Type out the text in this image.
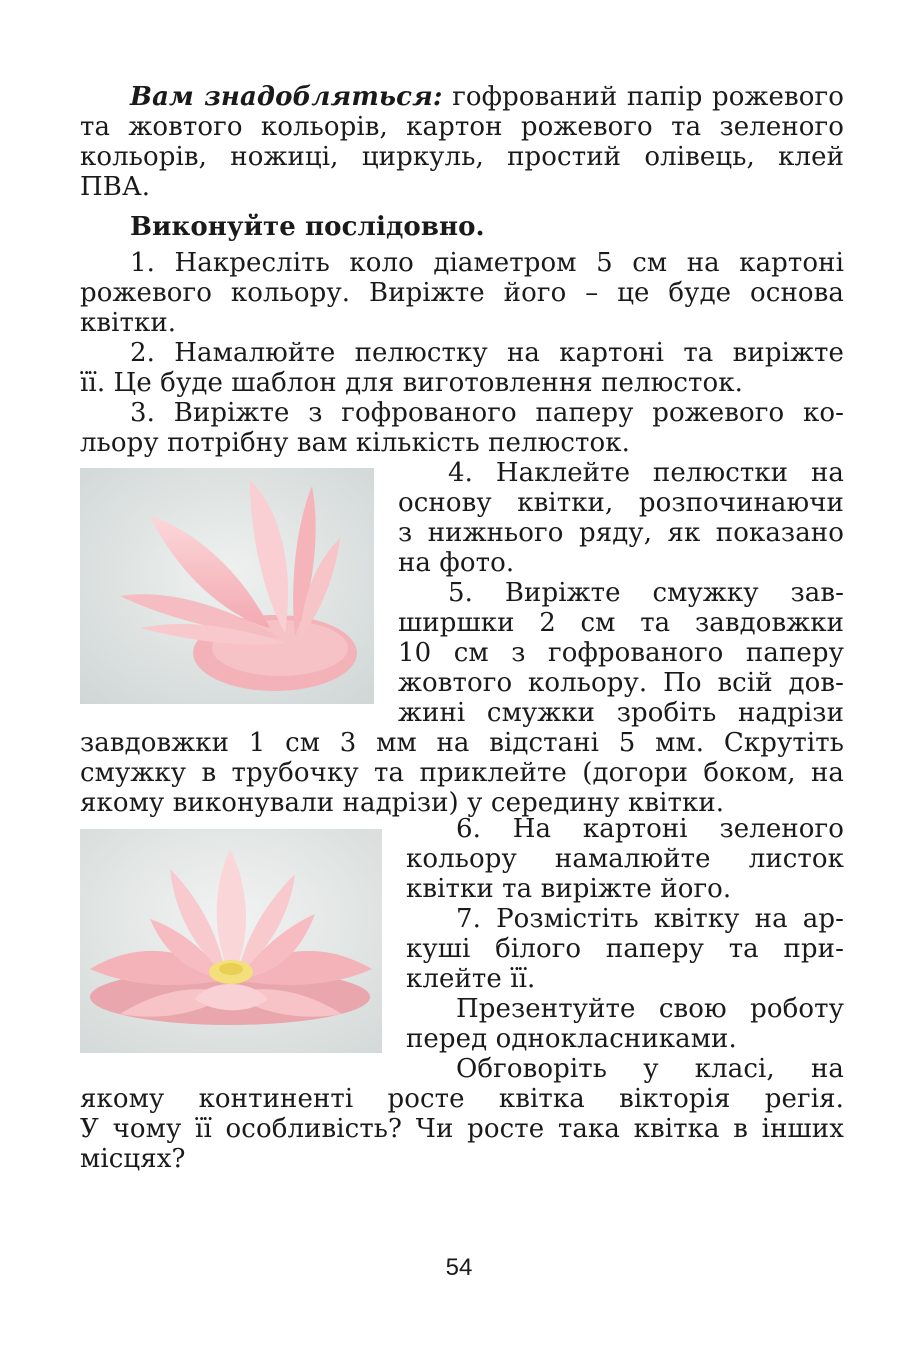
Вам знадобляться: гофрований папір рожевого
та жовтого кольорів, картон рожевого та зеленого
кольорів, ножиці, циркуль, простий олівець, клей
ПВА.
Виконуйте послідовно.
1. Накресліть коло діаметром 5 см на картоні
рожевого кольору. Виріжте його – це буде основа
квітки.
2. Намалюйте пелюстку на картоні та виріжте
її. Це буде шаблон для виготовлення пелюсток.
3. Виріжте з гофрованого паперу рожевого ко-
льору потрібну вам кількість пелюсток.
4. Наклейте пелюстки на
основу квітки, розпочинаючи
з нижнього ряду, як показано
на фото.
5. Виріжте смужку зав-
ширшки 2 см та завдовжки
10 см з гофрованого паперу
жовтого кольору. По всій дов-
жині смужки зробіть надрізи
завдовжки 1 см 3 мм на відстані 5 мм. Скрутіть
смужку в трубочку та приклейте (догори боком, на
якому виконували надрізи) у середину квітки.
6. На картоні зеленого
кольору намалюйте листок
квітки та виріжте його.
7. Розмістіть квітку на ар-
куші білого паперу та при-
клейте її.
Презентуйте свою роботу
перед однокласниками.
Обговоріть у класі, на
якому континенті росте квітка вікторія регія.
У чому її особливість? Чи росте така квітка в інших
місцях?
54
